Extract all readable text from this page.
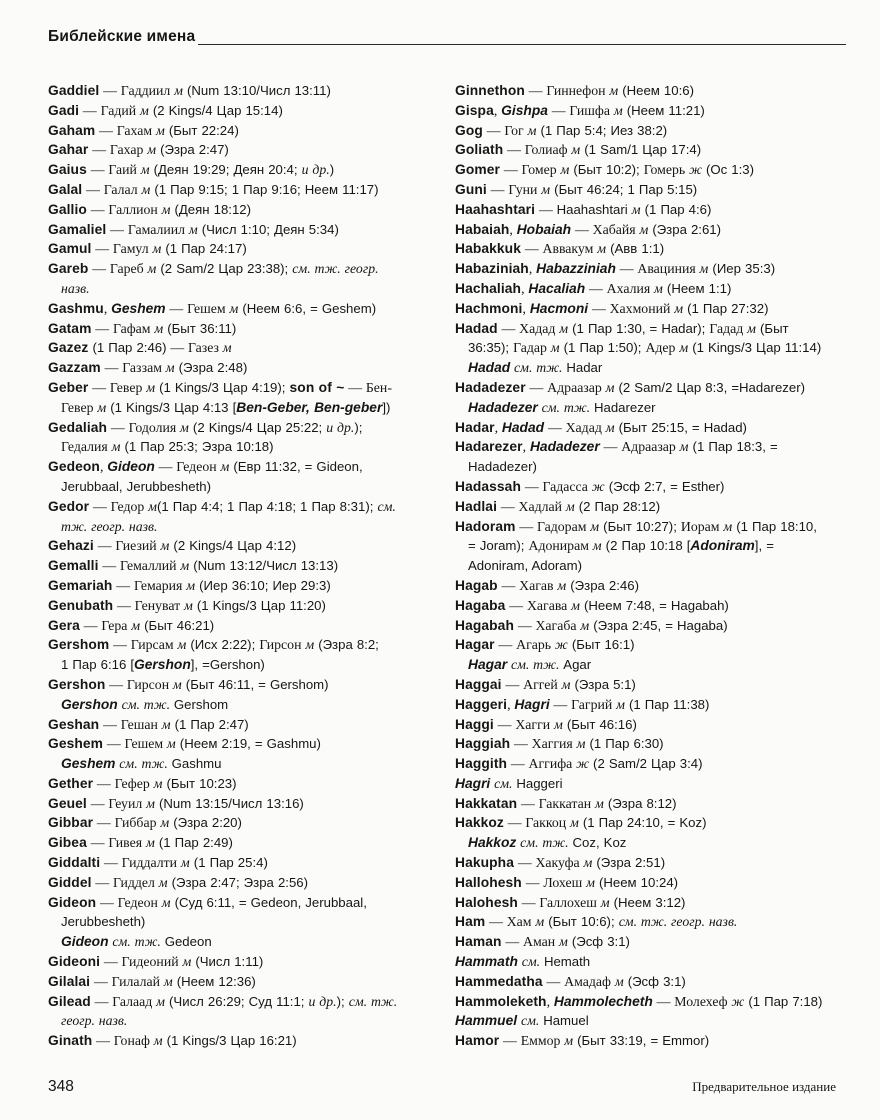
Библейские имена

Gaddiel — Гаддиил м (Num 13:10/Числ 13:11)

Gadi — Гадий м (2 Kings/4 Цар 15:14)

Gaham — Гахам м (Быт 22:24)

Gahar — Гахар м (Эзра 2:47)

Gaius — Гаий м (Деян 19:29; Деян 20:4; и др.)

Galal — Галал м (1 Пар 9:15; 1 Пар 9:16; Неем 11:17)

Gallio — Галлион м (Деян 18:12)

Gamaliel — Гамалиил м (Числ 1:10; Деян 5:34)

Gamul — Гамул м (1 Пар 24:17)

Gareb — Гареб м (2 Sam/2 Цар 23:38); см. тж. геогр.
назв.

Gashmu, Geshem — Гешем м (Неем 6:6, = Geshem)

Gatam — Гафам м (Быт 36:11)

Gazez (1 Пар 2:46) — Газез м

Gazzam — Газзам м (Эзра 2:48)

Geber — Гевер м (1 Kings/3 Цар 4:19); son of ~ — Бен-
Гевер м (1 Kings/3 Цар 4:13 [Ben-Geber, Ben-geber])

Gedaliah — Годолия м (2 Kings/4 Цар 25:22; и др.);
Гедалия м (1 Пар 25:3; Эзра 10:18)

Gedeon, Gideon — Гедеон м (Евр 11:32, = Gideon,
Jerubbaal, Jerubbesheth)

Gedor — Гедор м(1 Пар 4:4; 1 Пар 4:18; 1 Пар 8:31); см.
тж. геогр. назв.

Gehazi — Гиезий м (2 Kings/4 Цар 4:12)

Gemalli — Гемаллий м (Num 13:12/Числ 13:13)

Gemariah — Гемария м (Иер 36:10; Иер 29:3)

Genubath — Генуват м (1 Kings/3 Цар 11:20)

Gera — Гера м (Быт 46:21)

Gershom — Гирсам м (Исх 2:22); Гирсон м (Эзра 8:2;
1 Пар 6:16 [Gershon], =Gershon)

Gershon — Гирсон м (Быт 46:11, = Gershom)

Gershon см. тж. Gershom

Geshan — Гешан м (1 Пар 2:47)

Geshem — Гешем м (Неем 2:19, = Gashmu)

Geshem см. тж. Gashmu

Gether — Гефер м (Быт 10:23)

Geuel — Геуил м (Num 13:15/Числ 13:16)

Gibbar — Гиббар м (Эзра 2:20)

Gibea — Гивея м (1 Пар 2:49)

Giddalti — Гиддалти м (1 Пар 25:4)

Giddel — Гиддел м (Эзра 2:47; Эзра 2:56)

Gideon — Гедеон м (Суд 6:11, = Gedeon, Jerubbaal,
Jerubbesheth)

Gideon см. тж. Gedeon

Gideoni — Гидеоний м (Числ 1:11)

Gilalai — Гилалай м (Неем 12:36)

Gilead — Галаад м (Числ 26:29; Суд 11:1; и др.); см. тж.
геогр. назв.

Ginath — Гонаф м (1 Kings/3 Цар 16:21)

Ginnethon — Гиннефон м (Неем 10:6)

Gispa, Gishpa — Гишфа м (Неем 11:21)

Gog — Гог м (1 Пар 5:4; Иез 38:2)

Goliath — Голиаф м (1 Sam/1 Цар 17:4)

Gomer — Гомер м (Быт 10:2); Гомерь ж (Ос 1:3)

Guni — Гуни м (Быт 46:24; 1 Пар 5:15)

Haahashtari — Haahashtari м (1 Пар 4:6)

Habaiah, Hobaiah — Хабайя м (Эзра 2:61)

Habakkuk — Аввакум м (Авв 1:1)

Habaziniah, Habazziniah — Авациния м (Иер 35:3)

Hachaliah, Hacaliah — Ахалия м (Неем 1:1)

Hachmoni, Hacmoni — Хахмоний м (1 Пар 27:32)

Hadad — Хадад м (1 Пар 1:30, = Hadar); Гадад м (Быт
36:35); Гадар м (1 Пар 1:50); Адер м (1 Kings/3 Цар 11:14)

Hadad см. тж. Hadar

Hadadezer — Адраазар м (2 Sam/2 Цар 8:3, =Hadarezer)

Hadadezer см. тж. Hadarezer

Hadar, Hadad — Хадад м (Быт 25:15, = Hadad)

Hadarezer, Hadadezer — Адраазар м (1 Пар 18:3, =
Hadadezer)

Hadassah — Гадасса ж (Эсф 2:7, = Esther)

Hadlai — Хадлай м (2 Пар 28:12)

Hadoram — Гадорам м (Быт 10:27); Иорам м (1 Пар 18:10,
= Joram); Адонирам м (2 Пар 10:18 [Adoniram], =
Adoniram, Adoram)

Hagab — Хагав м (Эзра 2:46)

Hagaba — Хагава м (Неем 7:48, = Hagabah)

Hagabah — Хагаба м (Эзра 2:45, = Hagaba)

Hagar — Агарь ж (Быт 16:1)

Hagar см. тж. Agar

Haggai — Аггей м (Эзра 5:1)

Haggeri, Hagri — Гагрий м (1 Пар 11:38)

Haggi — Хагги м (Быт 46:16)

Haggiah — Хаггия м (1 Пар 6:30)

Haggith — Аггифа ж (2 Sam/2 Цар 3:4)

Hagri см. Haggeri

Hakkatan — Гаккатан м (Эзра 8:12)

Hakkoz — Гаккоц м (1 Пар 24:10, = Koz)

Hakkoz см. тж. Coz, Koz

Hakupha — Хакуфа м (Эзра 2:51)

Hallohesh — Лохеш м (Неем 10:24)

Halohesh — Галлохеш м (Неем 3:12)

Ham — Хам м (Быт 10:6); см. тж. геогр. назв.

Haman — Аман м (Эсф 3:1)

Hammath см. Hemath

Hammedatha — Амадаф м (Эсф 3:1)

Hammoleketh, Hammolecheth — Молехеф ж (1 Пар 7:18)

Hammuel см. Hamuel

Hamor — Еммор м (Быт 33:19, = Emmor)

348	Предварительное издание
